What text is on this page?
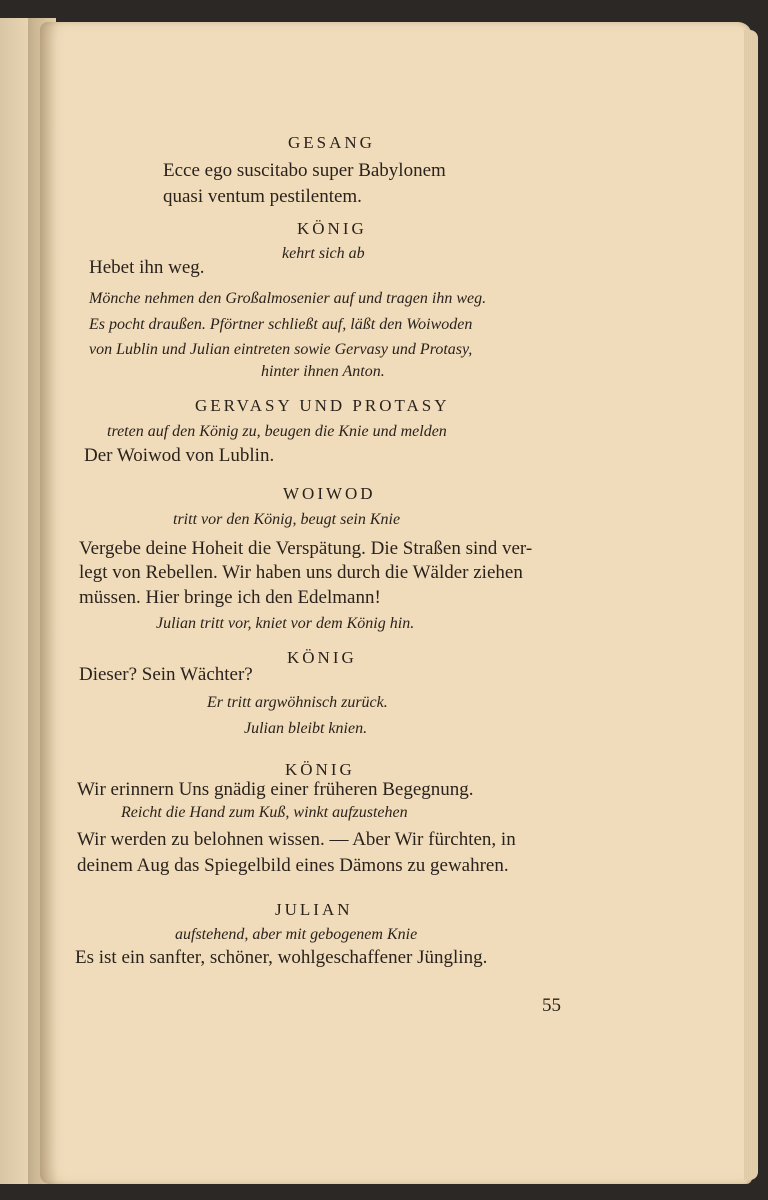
GESANG
Ecce ego suscitabo super Babylonem
quasi ventum pestilentem.
KÖNIG
kehrt sich ab
Hebet ihn weg.
Mönche nehmen den Großalmosenier auf und tragen ihn weg.
Es pocht draußen. Pförtner schließt auf, läßt den Woiwoden
von Lublin und Julian eintreten sowie Gervasy und Protasy,
hinter ihnen Anton.
GERVASY UND PROTASY
treten auf den König zu, beugen die Knie und melden
Der Woiwod von Lublin.
WOIWOD
tritt vor den König, beugt sein Knie
Vergebe deine Hoheit die Verspätung. Die Straßen sind ver-
legt von Rebellen. Wir haben uns durch die Wälder ziehen
müssen. Hier bringe ich den Edelmann!
Julian tritt vor, kniet vor dem König hin.
KÖNIG
Dieser? Sein Wächter?
Er tritt argwöhnisch zurück.
Julian bleibt knien.
KÖNIG
Wir erinnern Uns gnädig einer früheren Begegnung.
Reicht die Hand zum Kuß, winkt aufzustehen
Wir werden zu belohnen wissen. — Aber Wir fürchten, in
deinem Aug das Spiegelbild eines Dämons zu gewahren.
JULIAN
aufstehend, aber mit gebogenem Knie
Es ist ein sanfter, schöner, wohlgeschaffener Jüngling.
55
